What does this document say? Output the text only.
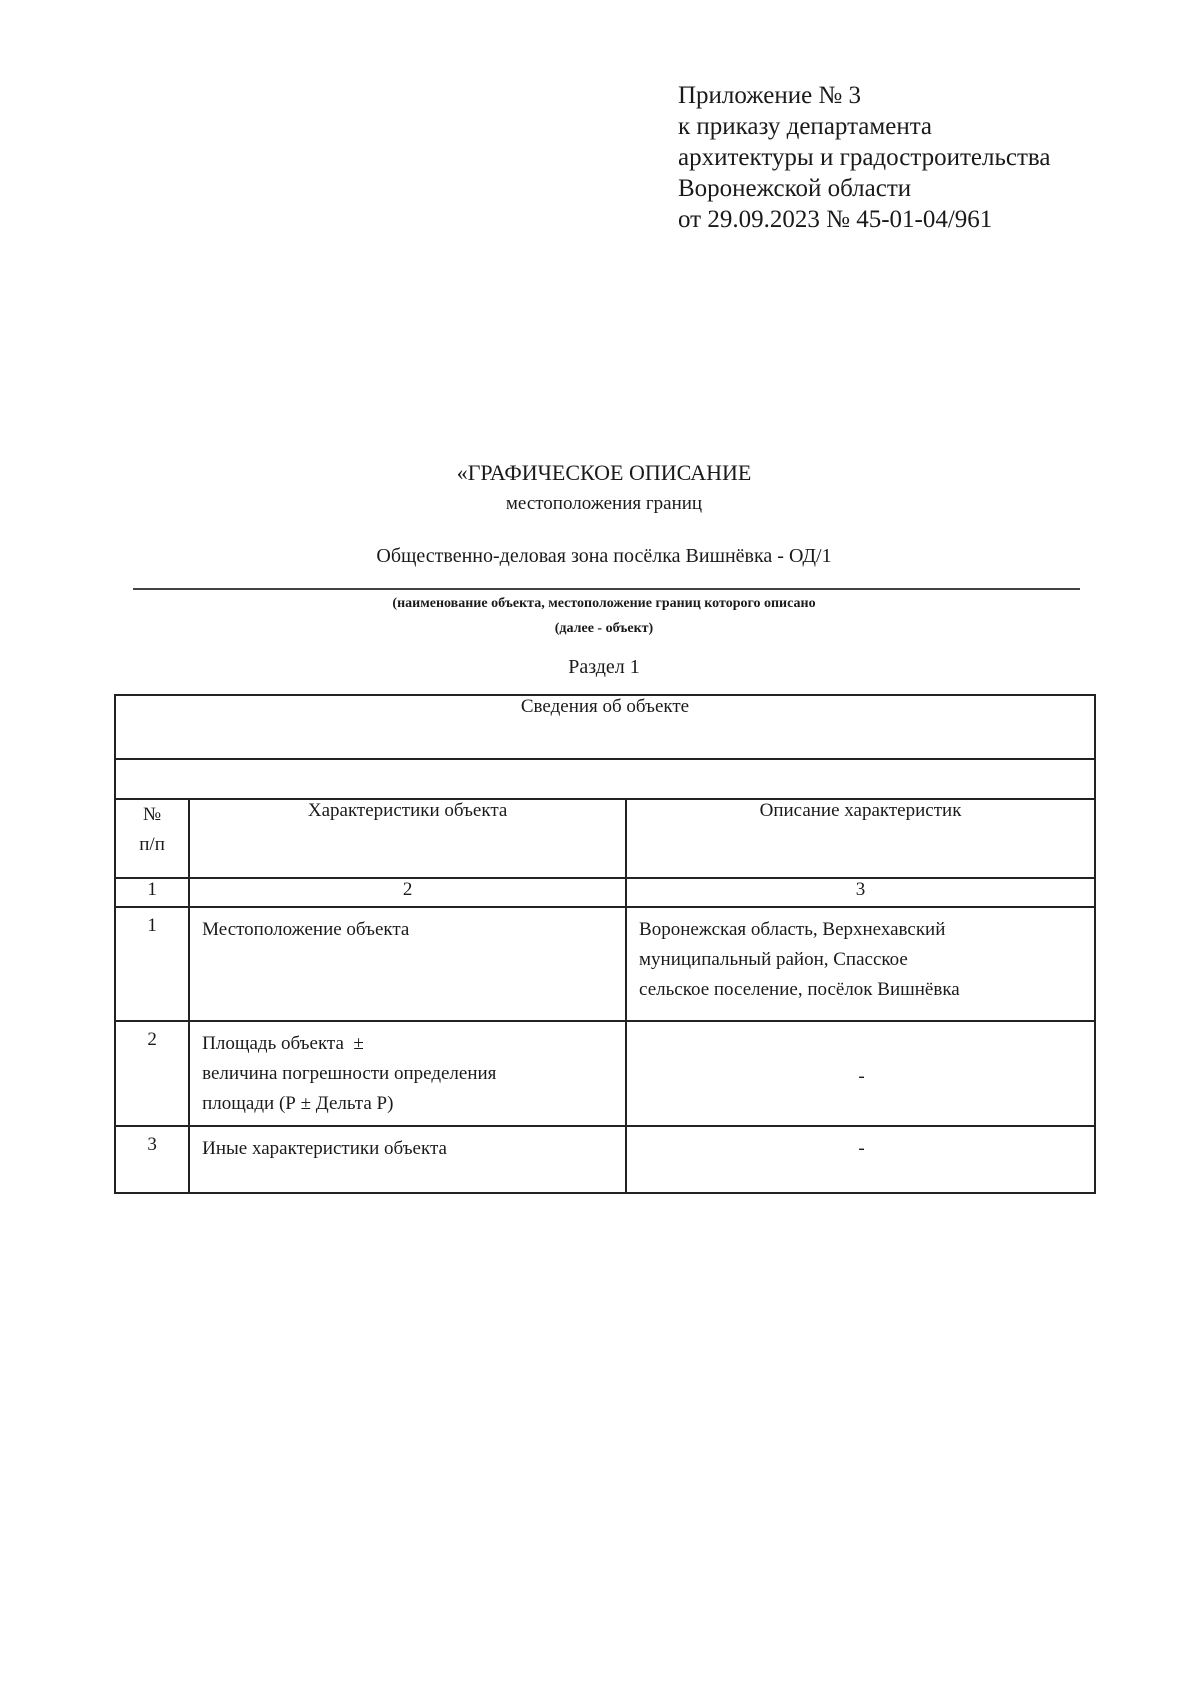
Приложение № 3
к приказу департамента
архитектуры и градостроительства
Воронежской области
от 29.09.2023 № 45-01-04/961
«ГРАФИЧЕСКОЕ ОПИСАНИЕ
местоположения границ
Общественно-деловая зона посёлка Вишнёвка - ОД/1
(наименование объекта, местоположение границ которого описано
(далее - объект)
Раздел 1
Сведения об объекте		

№
п/п	Характеристики объекта	Описание характеристик
1	2	3
1	Местоположение объекта	Воронежская область, Верхнехавский
муниципальный район, Спасское
сельское поселение, посёлок Вишнёвка

2	Площадь объекта  ±
величина погрешности определения
площади (Р ± Дельта Р)	-
3	Иные характеристики объекта	-
